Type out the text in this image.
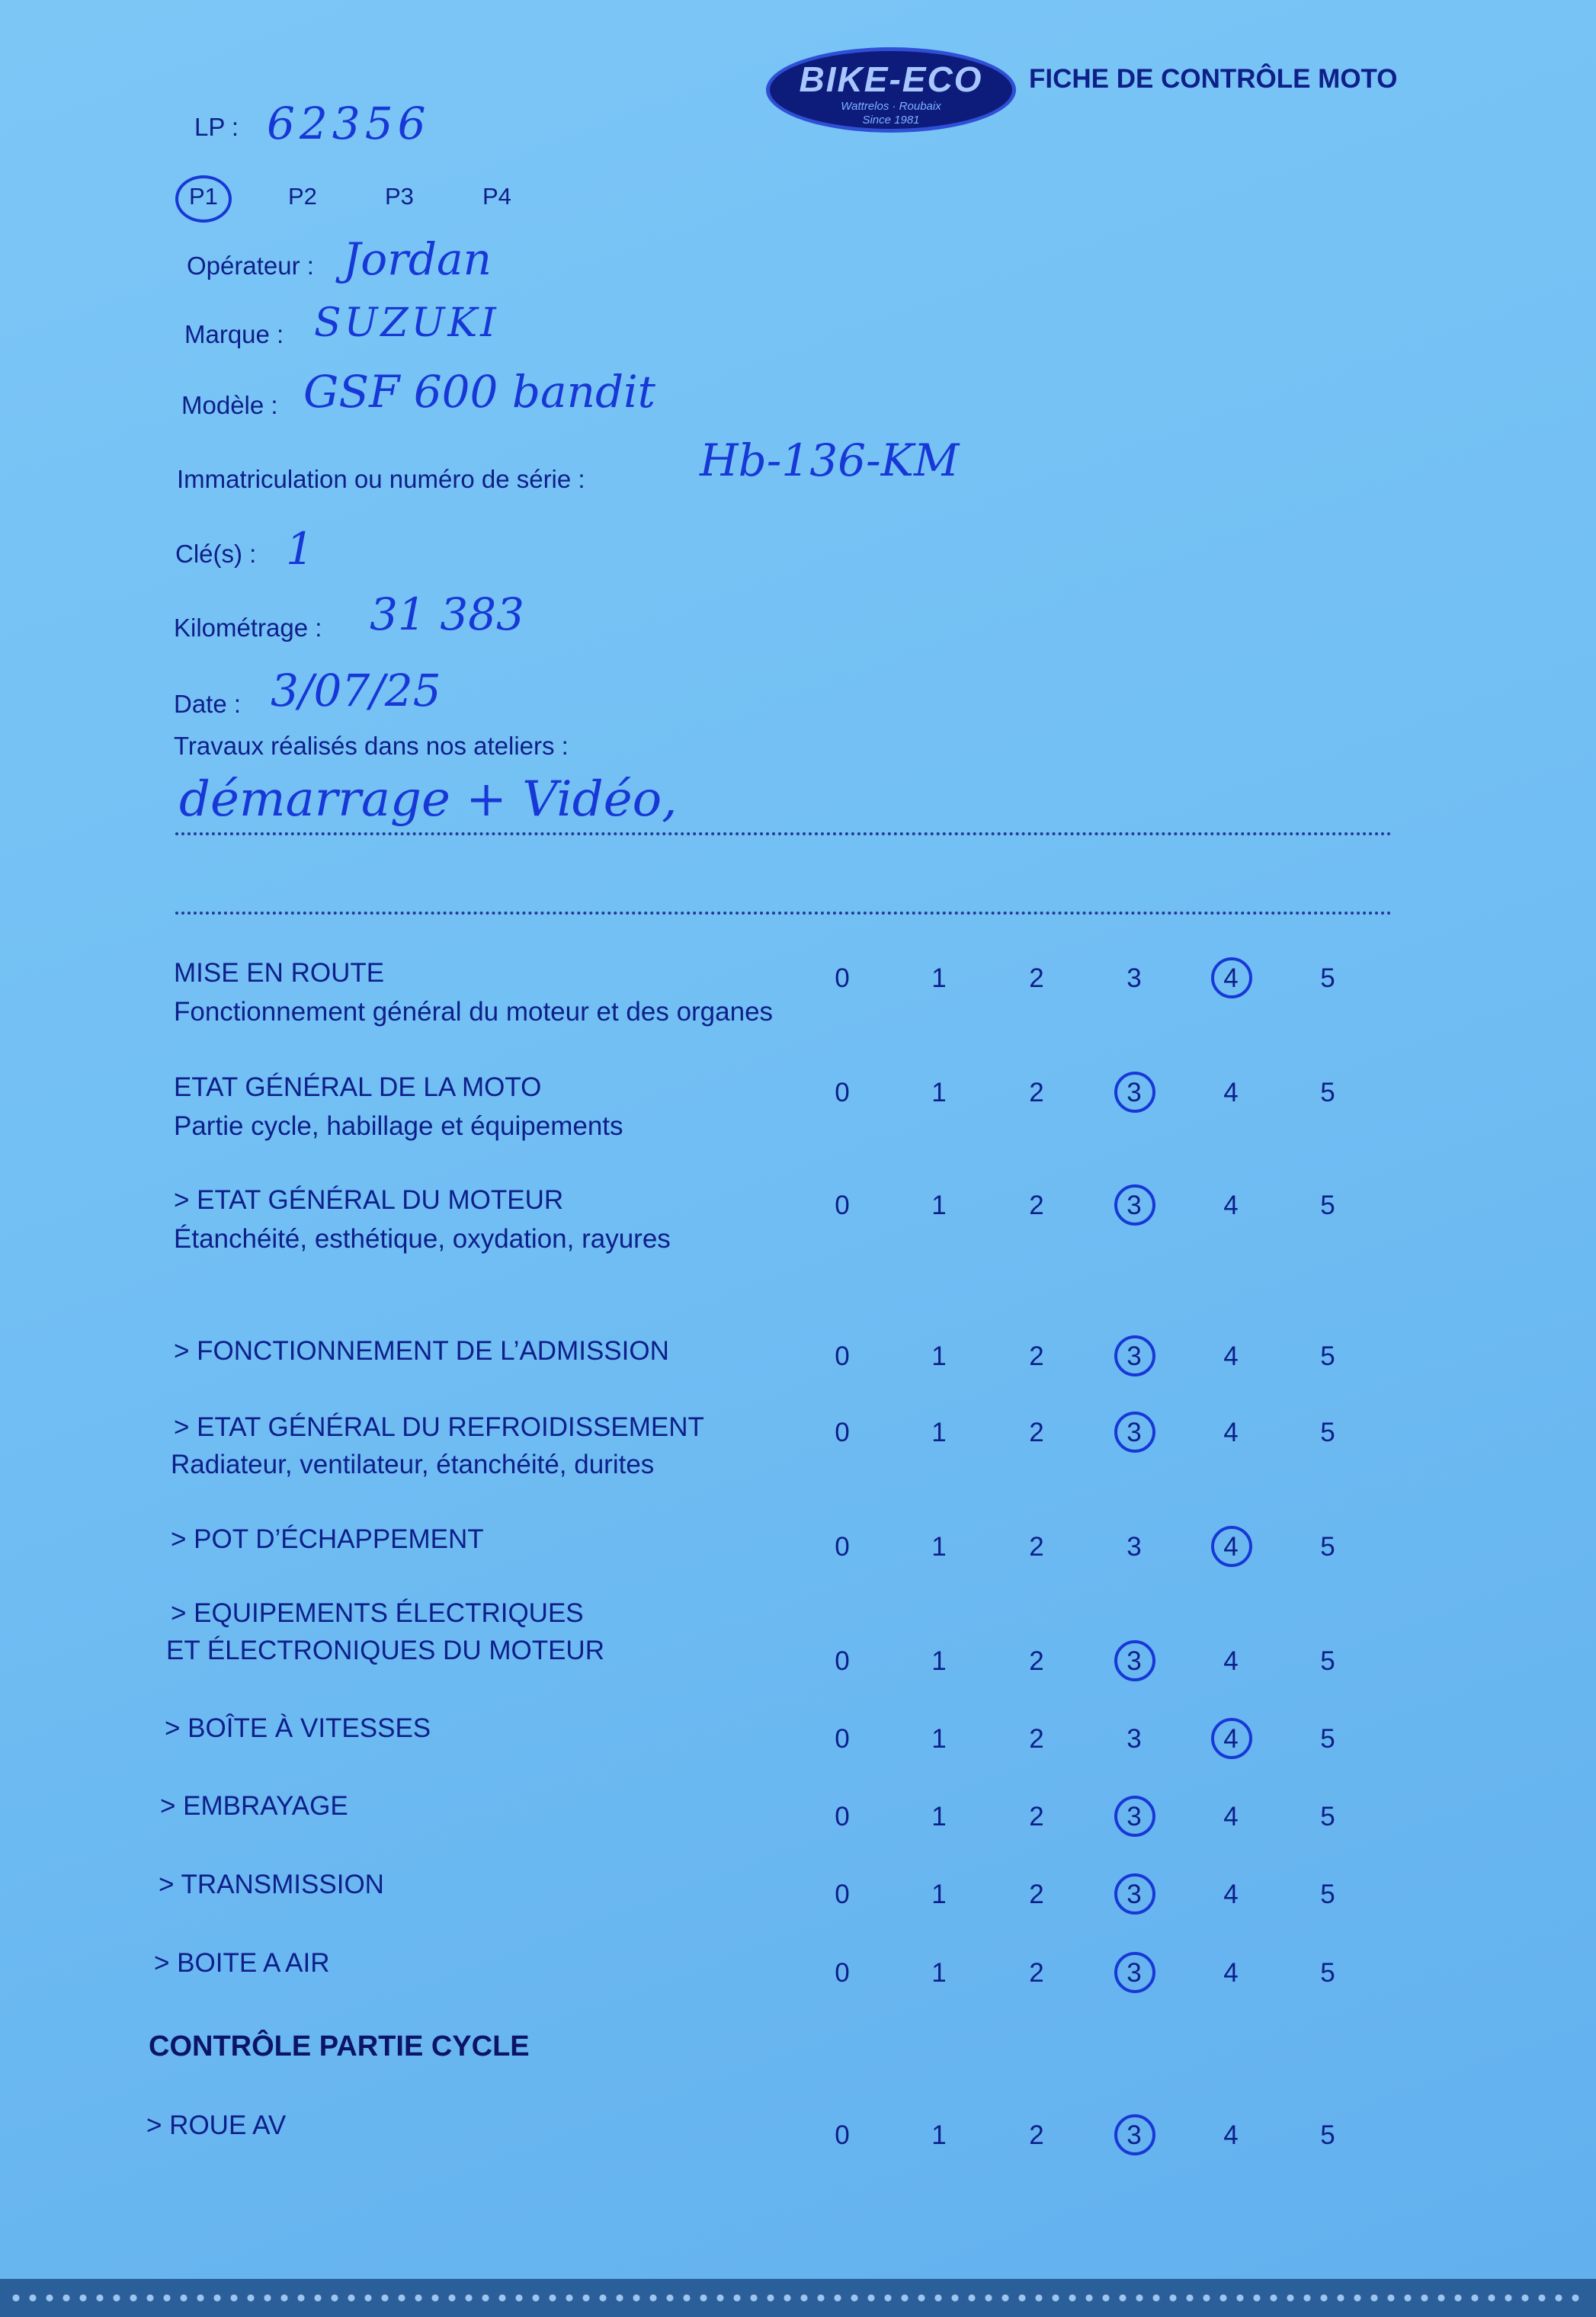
BIKE-ECO
Wattrelos · Roubaix
Since 1981
FICHE DE CONTRÔLE MOTO
LP : 62356
P1	P2	P3	P4
Opérateur : Jordan
Marque : SUZUKI
Modèle : GSF 600 bandit
Immatriculation ou numéro de série :	Hb-136-KM
Clé(s) : 1
Kilométrage : 31 383
Date : 3/07/25
Travaux réalisés dans nos ateliers :
démarrage + Vidéo,
CONTRÔLE PARTIE CYCLE
MISE EN ROUTE
Fonctionnement général du moteur et des organes
0	1	2	3	4	5
ETAT GÉNÉRAL DE LA MOTO
Partie cycle, habillage et équipements
0	1	2	3	4	5
> ETAT GÉNÉRAL DU MOTEUR
Étanchéité, esthétique, oxydation, rayures
0	1	2	3	4	5
> FONCTIONNEMENT DE L’ADMISSION	0	1	2	3	4	5
> ETAT GÉNÉRAL DU REFROIDISSEMENT
Radiateur, ventilateur, étanchéité, durites
0	1	2	3	4	5
> POT D’ÉCHAPPEMENT	0	1	2	3	4	5
> EQUIPEMENTS ÉLECTRIQUES
ET ÉLECTRONIQUES DU MOTEUR	0	1	2	3	4	5
> BOÎTE À VITESSES	0	1	2	3	4	5
> EMBRAYAGE	0	1	2	3	4	5
> TRANSMISSION	0	1	2	3	4	5
> BOITE A AIR	0	1	2	3	4	5
> ROUE AV	0	1	2	3	4	5
